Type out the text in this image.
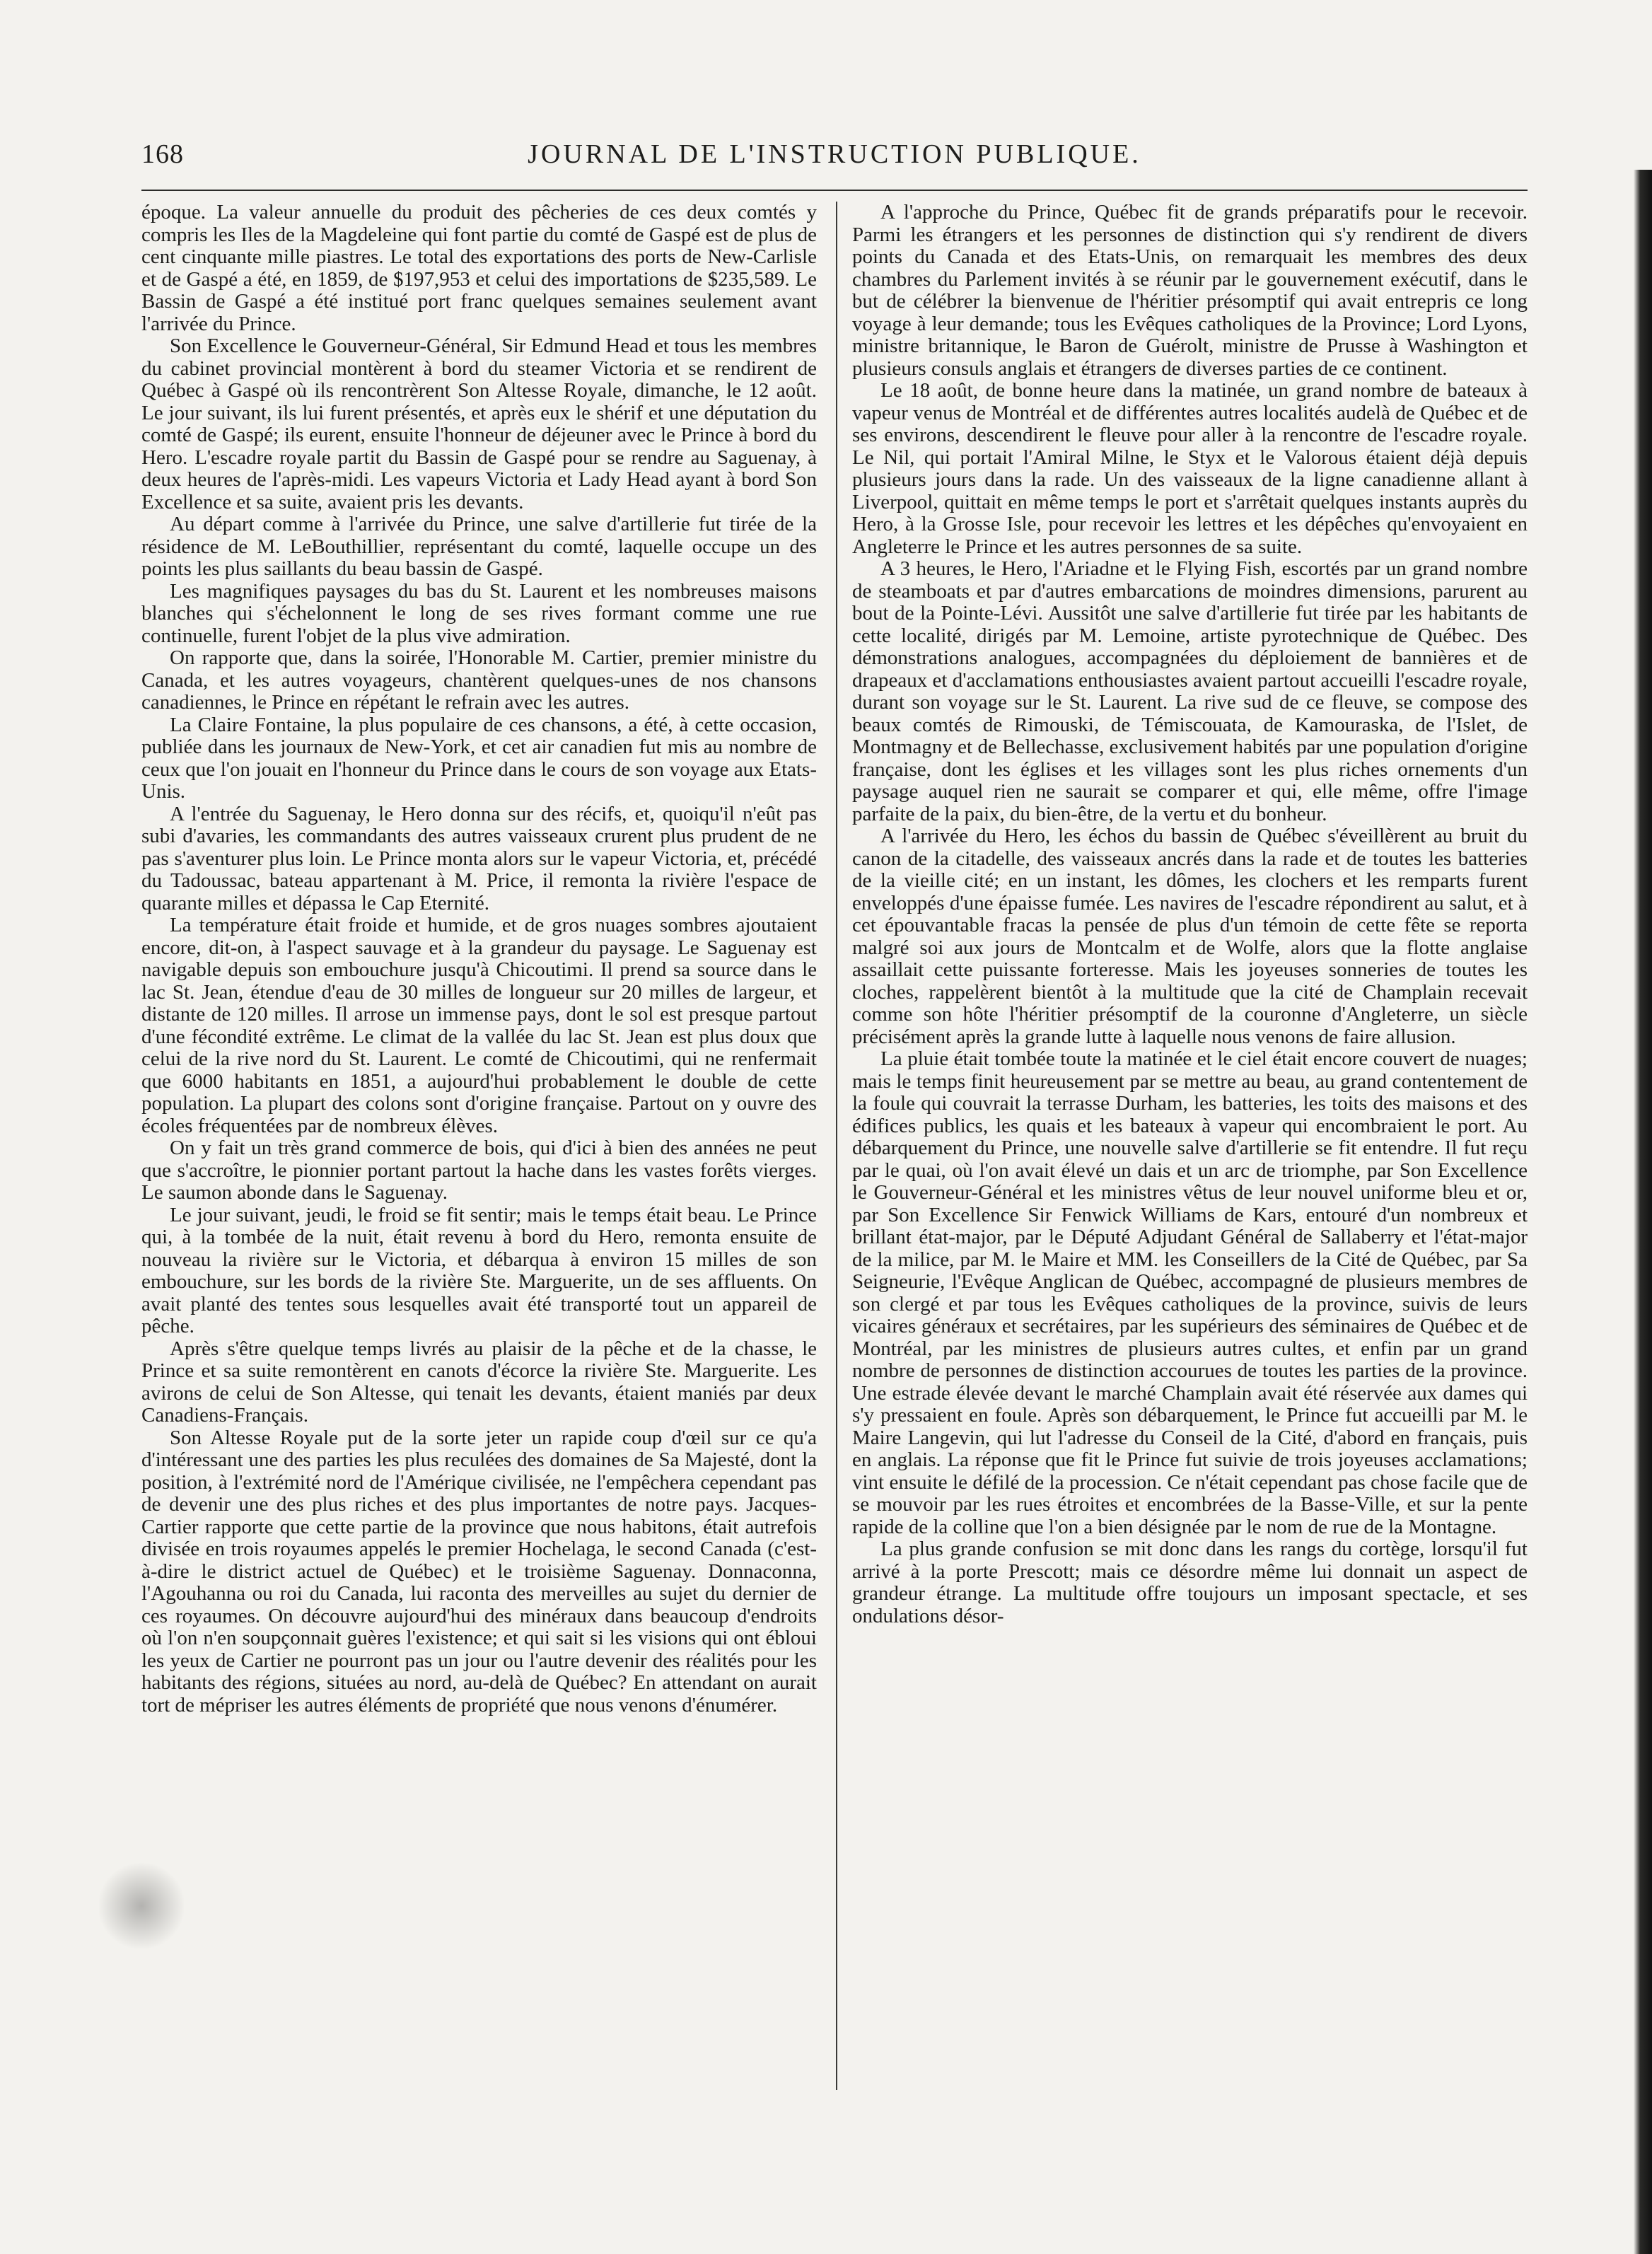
168	JOURNAL DE L'INSTRUCTION PUBLIQUE.

époque. La valeur annuelle du produit des pêcheries de ces deux comtés y compris les Iles de la Magdeleine qui font partie du comté de Gaspé est de plus de cent cinquante mille piastres. Le total des exportations des ports de New-Carlisle et de Gaspé a été, en 1859, de $197,953 et celui des importations de $235,589. Le Bassin de Gaspé a été institué port franc quelques semaines seulement avant l'arrivée du Prince.

Son Excellence le Gouverneur-Général, Sir Edmund Head et tous les membres du cabinet provincial montèrent à bord du steamer Victoria et se rendirent de Québec à Gaspé où ils rencontrèrent Son Altesse Royale, dimanche, le 12 août. Le jour suivant, ils lui furent présentés, et après eux le shérif et une députation du comté de Gaspé; ils eurent, ensuite l'honneur de déjeuner avec le Prince à bord du Hero. L'escadre royale partit du Bassin de Gaspé pour se rendre au Saguenay, à deux heures de l'après-midi. Les vapeurs Victoria et Lady Head ayant à bord Son Excellence et sa suite, avaient pris les devants.

Au départ comme à l'arrivée du Prince, une salve d'artillerie fut tirée de la résidence de M. LeBouthillier, représentant du comté, laquelle occupe un des points les plus saillants du beau bassin de Gaspé.

Les magnifiques paysages du bas du St. Laurent et les nombreuses maisons blanches qui s'échelonnent le long de ses rives formant comme une rue continuelle, furent l'objet de la plus vive admiration.

On rapporte que, dans la soirée, l'Honorable M. Cartier, premier ministre du Canada, et les autres voyageurs, chantèrent quelques-unes de nos chansons canadiennes, le Prince en répétant le refrain avec les autres.

La Claire Fontaine, la plus populaire de ces chansons, a été, à cette occasion, publiée dans les journaux de New-York, et cet air canadien fut mis au nombre de ceux que l'on jouait en l'honneur du Prince dans le cours de son voyage aux Etats-Unis.

A l'entrée du Saguenay, le Hero donna sur des récifs, et, quoiqu'il n'eût pas subi d'avaries, les commandants des autres vaisseaux crurent plus prudent de ne pas s'aventurer plus loin. Le Prince monta alors sur le vapeur Victoria, et, précédé du Tadoussac, bateau appartenant à M. Price, il remonta la rivière l'espace de quarante milles et dépassa le Cap Eternité.

La température était froide et humide, et de gros nuages sombres ajoutaient encore, dit-on, à l'aspect sauvage et à la grandeur du paysage. Le Saguenay est navigable depuis son embouchure jusqu'à Chicoutimi. Il prend sa source dans le lac St. Jean, étendue d'eau de 30 milles de longueur sur 20 milles de largeur, et distante de 120 milles. Il arrose un immense pays, dont le sol est presque partout d'une fécondité extrême. Le climat de la vallée du lac St. Jean est plus doux que celui de la rive nord du St. Laurent. Le comté de Chicoutimi, qui ne renfermait que 6000 habitants en 1851, a aujourd'hui probablement le double de cette population. La plupart des colons sont d'origine française. Partout on y ouvre des écoles fréquentées par de nombreux élèves.

On y fait un très grand commerce de bois, qui d'ici à bien des années ne peut que s'accroître, le pionnier portant partout la hache dans les vastes forêts vierges. Le saumon abonde dans le Saguenay.

Le jour suivant, jeudi, le froid se fit sentir; mais le temps était beau. Le Prince qui, à la tombée de la nuit, était revenu à bord du Hero, remonta ensuite de nouveau la rivière sur le Victoria, et débarqua à environ 15 milles de son embouchure, sur les bords de la rivière Ste. Marguerite, un de ses affluents. On avait planté des tentes sous lesquelles avait été transporté tout un appareil de pêche.

Après s'être quelque temps livrés au plaisir de la pêche et de la chasse, le Prince et sa suite remontèrent en canots d'écorce la rivière Ste. Marguerite. Les avirons de celui de Son Altesse, qui tenait les devants, étaient maniés par deux Canadiens-Français.

Son Altesse Royale put de la sorte jeter un rapide coup d'œil sur ce qu'a d'intéressant une des parties les plus reculées des domaines de Sa Majesté, dont la position, à l'extrémité nord de l'Amérique civilisée, ne l'empêchera cependant pas de devenir une des plus riches et des plus importantes de notre pays. Jacques-Cartier rapporte que cette partie de la province que nous habitons, était autrefois divisée en trois royaumes appelés le premier Hochelaga, le second Canada (c'est-à-dire le district actuel de Québec) et le troisième Saguenay. Donnaconna, l'Agouhanna ou roi du Canada, lui raconta des merveilles au sujet du dernier de ces royaumes. On découvre aujourd'hui des minéraux dans beaucoup d'endroits où l'on n'en soupçonnait guères l'existence; et qui sait si les visions qui ont ébloui les yeux de Cartier ne pourront pas un jour ou l'autre devenir des réalités pour les habitants des régions, situées au nord, au-delà de Québec? En attendant on aurait tort de mépriser les autres éléments de propriété que nous venons d'énumérer.

A l'approche du Prince, Québec fit de grands préparatifs pour le recevoir. Parmi les étrangers et les personnes de distinction qui s'y rendirent de divers points du Canada et des Etats-Unis, on remarquait les membres des deux chambres du Parlement invités à se réunir par le gouvernement exécutif, dans le but de célébrer la bienvenue de l'héritier présomptif qui avait entrepris ce long voyage à leur demande; tous les Evêques catholiques de la Province; Lord Lyons, ministre britannique, le Baron de Guérolt, ministre de Prusse à Washington et plusieurs consuls anglais et étrangers de diverses parties de ce continent.

Le 18 août, de bonne heure dans la matinée, un grand nombre de bateaux à vapeur venus de Montréal et de différentes autres localités audelà de Québec et de ses environs, descendirent le fleuve pour aller à la rencontre de l'escadre royale. Le Nil, qui portait l'Amiral Milne, le Styx et le Valorous étaient déjà depuis plusieurs jours dans la rade. Un des vaisseaux de la ligne canadienne allant à Liverpool, quittait en même temps le port et s'arrêtait quelques instants auprès du Hero, à la Grosse Isle, pour recevoir les lettres et les dépêches qu'envoyaient en Angleterre le Prince et les autres personnes de sa suite.

A 3 heures, le Hero, l'Ariadne et le Flying Fish, escortés par un grand nombre de steamboats et par d'autres embarcations de moindres dimensions, parurent au bout de la Pointe-Lévi. Aussitôt une salve d'artillerie fut tirée par les habitants de cette localité, dirigés par M. Lemoine, artiste pyrotechnique de Québec. Des démonstrations analogues, accompagnées du déploiement de bannières et de drapeaux et d'acclamations enthousiastes avaient partout accueilli l'escadre royale, durant son voyage sur le St. Laurent. La rive sud de ce fleuve, se compose des beaux comtés de Rimouski, de Témiscouata, de Kamouraska, de l'Islet, de Montmagny et de Bellechasse, exclusivement habités par une population d'origine française, dont les églises et les villages sont les plus riches ornements d'un paysage auquel rien ne saurait se comparer et qui, elle même, offre l'image parfaite de la paix, du bien-être, de la vertu et du bonheur.

A l'arrivée du Hero, les échos du bassin de Québec s'éveillèrent au bruit du canon de la citadelle, des vaisseaux ancrés dans la rade et de toutes les batteries de la vieille cité; en un instant, les dômes, les clochers et les remparts furent enveloppés d'une épaisse fumée. Les navires de l'escadre répondirent au salut, et à cet épouvantable fracas la pensée de plus d'un témoin de cette fête se reporta malgré soi aux jours de Montcalm et de Wolfe, alors que la flotte anglaise assaillait cette puissante forteresse. Mais les joyeuses sonneries de toutes les cloches, rappelèrent bientôt à la multitude que la cité de Champlain recevait comme son hôte l'héritier présomptif de la couronne d'Angleterre, un siècle précisément après la grande lutte à laquelle nous venons de faire allusion.

La pluie était tombée toute la matinée et le ciel était encore couvert de nuages; mais le temps finit heureusement par se mettre au beau, au grand contentement de la foule qui couvrait la terrasse Durham, les batteries, les toits des maisons et des édifices publics, les quais et les bateaux à vapeur qui encombraient le port. Au débarquement du Prince, une nouvelle salve d'artillerie se fit entendre. Il fut reçu par le quai, où l'on avait élevé un dais et un arc de triomphe, par Son Excellence le Gouverneur-Général et les ministres vêtus de leur nouvel uniforme bleu et or, par Son Excellence Sir Fenwick Williams de Kars, entouré d'un nombreux et brillant état-major, par le Député Adjudant Général de Sallaberry et l'état-major de la milice, par M. le Maire et MM. les Conseillers de la Cité de Québec, par Sa Seigneurie, l'Evêque Anglican de Québec, accompagné de plusieurs membres de son clergé et par tous les Evêques catholiques de la province, suivis de leurs vicaires généraux et secrétaires, par les supérieurs des séminaires de Québec et de Montréal, par les ministres de plusieurs autres cultes, et enfin par un grand nombre de personnes de distinction accourues de toutes les parties de la province. Une estrade élevée devant le marché Champlain avait été réservée aux dames qui s'y pressaient en foule. Après son débarquement, le Prince fut accueilli par M. le Maire Langevin, qui lut l'adresse du Conseil de la Cité, d'abord en français, puis en anglais. La réponse que fit le Prince fut suivie de trois joyeuses acclamations; vint ensuite le défilé de la procession. Ce n'était cependant pas chose facile que de se mouvoir par les rues étroites et encombrées de la Basse-Ville, et sur la pente rapide de la colline que l'on a bien désignée par le nom de rue de la Montagne.

La plus grande confusion se mit donc dans les rangs du cortège, lorsqu'il fut arrivé à la porte Prescott; mais ce désordre même lui donnait un aspect de grandeur étrange. La multitude offre toujours un imposant spectacle, et ses ondulations désor-
